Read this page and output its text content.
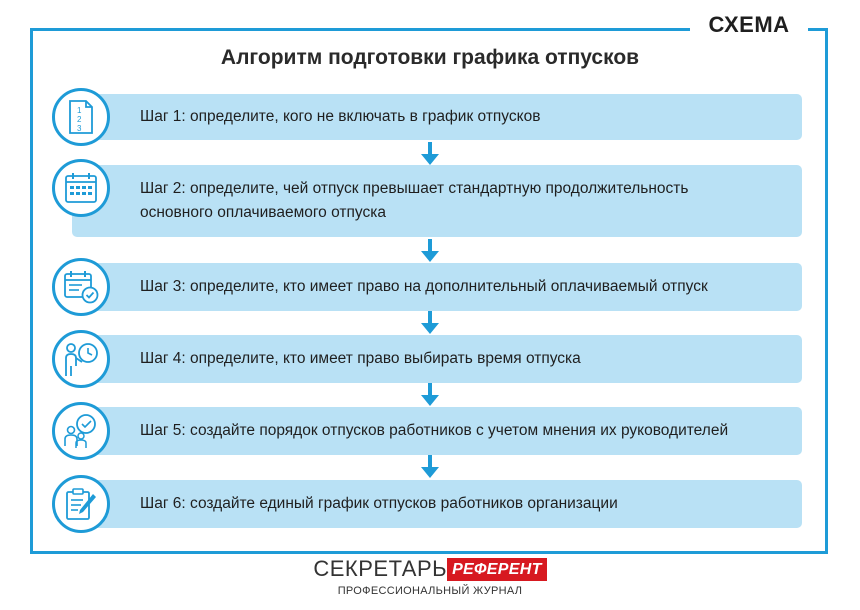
СХЕМА
Алгоритм подготовки графика отпусков
Шаг 1: определите, кого не включать в график отпусков
1
2
3
Шаг 2: определите, чей отпуск превышает стандартную продолжительность
основного оплачиваемого отпуска
Шаг 3: определите, кто имеет право на дополнительный оплачиваемый отпуск
Шаг 4: определите, кто имеет право выбирать время отпуска
Шаг 5: создайте порядок отпусков работников с учетом мнения их руководителей
Шаг 6: создайте единый график отпусков работников организации
СЕКРЕТАРЬ РЕФЕРЕНТ
ПРОФЕССИОНАЛЬНЫЙ ЖУРНАЛ
